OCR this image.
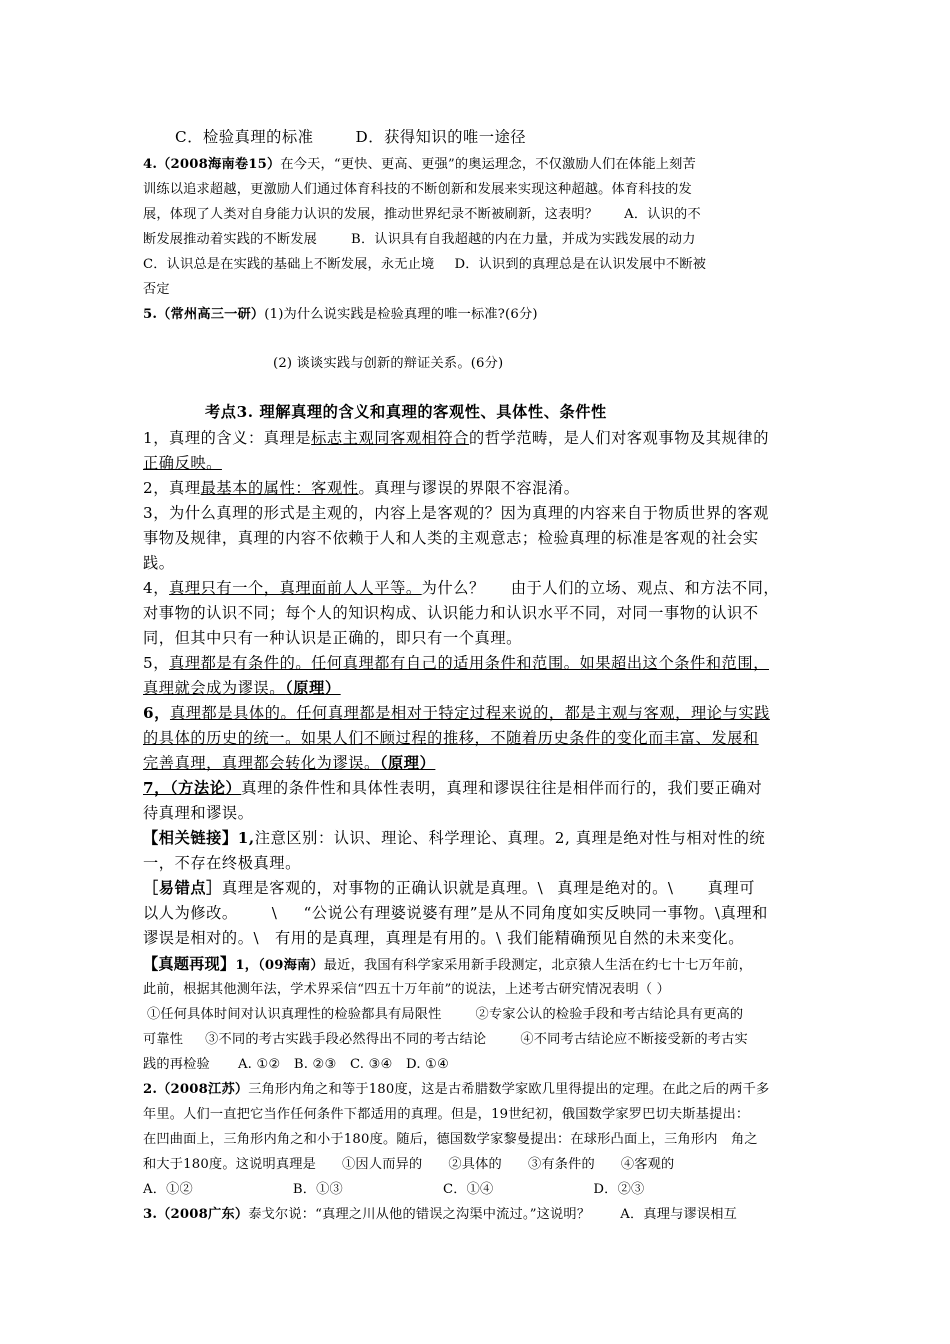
C．检验真理的标准	D．获得知识的唯一途径
4.（2008海南卷15）在今天，“更快、更高、更强”的奥运理念，不仅激励人们在体能上刻苦
训练以追求超越，更激励人们通过体育科技的不断创新和发展来实现这种超越。体育科技的发
展，体现了人类对自身能力认识的发展，推动世界纪录不断被刷新，这表明？ A．认识的不
断发展推动着实践的不断发展	B．认识具有自我超越的内在力量，并成为实践发展的动力
C．认识总是在实践的基础上不断发展，永无止境 D．认识到的真理总是在认识发展中不断被
否定
5.（常州高三一研）(1)为什么说实践是检验真理的唯一标准?(6分)
(2) 谈谈实践与创新的辩证关系。(6分)
考点3. 理解真理的含义和真理的客观性、具体性、条件性
1，真理的含义：真理是标志主观同客观相符合的哲学范畴，是人们对客观事物及其规律的
正确反映。
2，真理最基本的属性：客观性。真理与谬误的界限不容混淆。
3，为什么真理的形式是主观的，内容上是客观的？因为真理的内容来自于物质世界的客观
事物及规律，真理的内容不依赖于人和人类的主观意志；检验真理的标准是客观的社会实
践。
4，真理只有一个，真理面前人人平等。为什么？ 由于人们的立场、观点、和方法不同，
对事物的认识不同；每个人的知识构成、认识能力和认识水平不同，对同一事物的认识不
同，但其中只有一种认识是正确的，即只有一个真理。
5，真理都是有条件的。任何真理都有自己的适用条件和范围。如果超出这个条件和范围，
真理就会成为谬误。（原理）
6，真理都是具体的。任何真理都是相对于特定过程来说的，都是主观与客观，理论与实践
的具体的历史的统一。如果人们不顾过程的推移，不随着历史条件的变化而丰富、发展和
完善真理，真理都会转化为谬误。（原理）
7，（方法论）真理的条件性和具体性表明，真理和谬误往往是相伴而行的，我们要正确对
待真理和谬误。
【相关链接】1,注意区别：认识、理论、科学理论、真理。2, 真理是绝对性与相对性的统
一，不存在终极真理。
［易错点］真理是客观的，对事物的正确认识就是真理。\ 真理是绝对的。\ 真理可
以人为修改。 \ “公说公有理婆说婆有理”是从不同角度如实反映同一事物。\真理和
谬误是相对的。\　有用的是真理，真理是有用的。\ 我们能精确预见自然的未来变化。
【真题再现】1，（09海南）最近，我国有科学家采用新手段测定，北京猿人生活在约七十七万年前，
此前，根据其他测年法，学术界采信“四五十万年前”的说法，上述考古研究情况表明（ ）
①任何具体时间对认识真理性的检验都具有局限性	②专家公认的检验手段和考古结论具有更高的
可靠性 ③不同的考古实践手段必然得出不同的考古结论	④不同考古结论应不断接受新的考古实
践的再检验 A. ①②　B. ②③　C. ③④　D. ①④
2.（2008江苏）三角形内角之和等于180度，这是古希腊数学家欧几里得提出的定理。在此之后的两千多
年里。人们一直把它当作任何条件下都适用的真理。但是，19世纪初，俄国数学家罗巴切夫斯基提出：
在凹曲面上，三角形内角之和小于180度。随后，德国数学家黎曼提出：在球形凸面上，三角形内　角之
和大于180度。这说明真理是 ①因人而异的 ②具体的 ③有条件的 ④客观的
A．①②	B．①③	C．①④	D．②③
3.（2008广东）泰戈尔说：“真理之川从他的错误之沟渠中流过。”这说明？ A．真理与谬误相互
